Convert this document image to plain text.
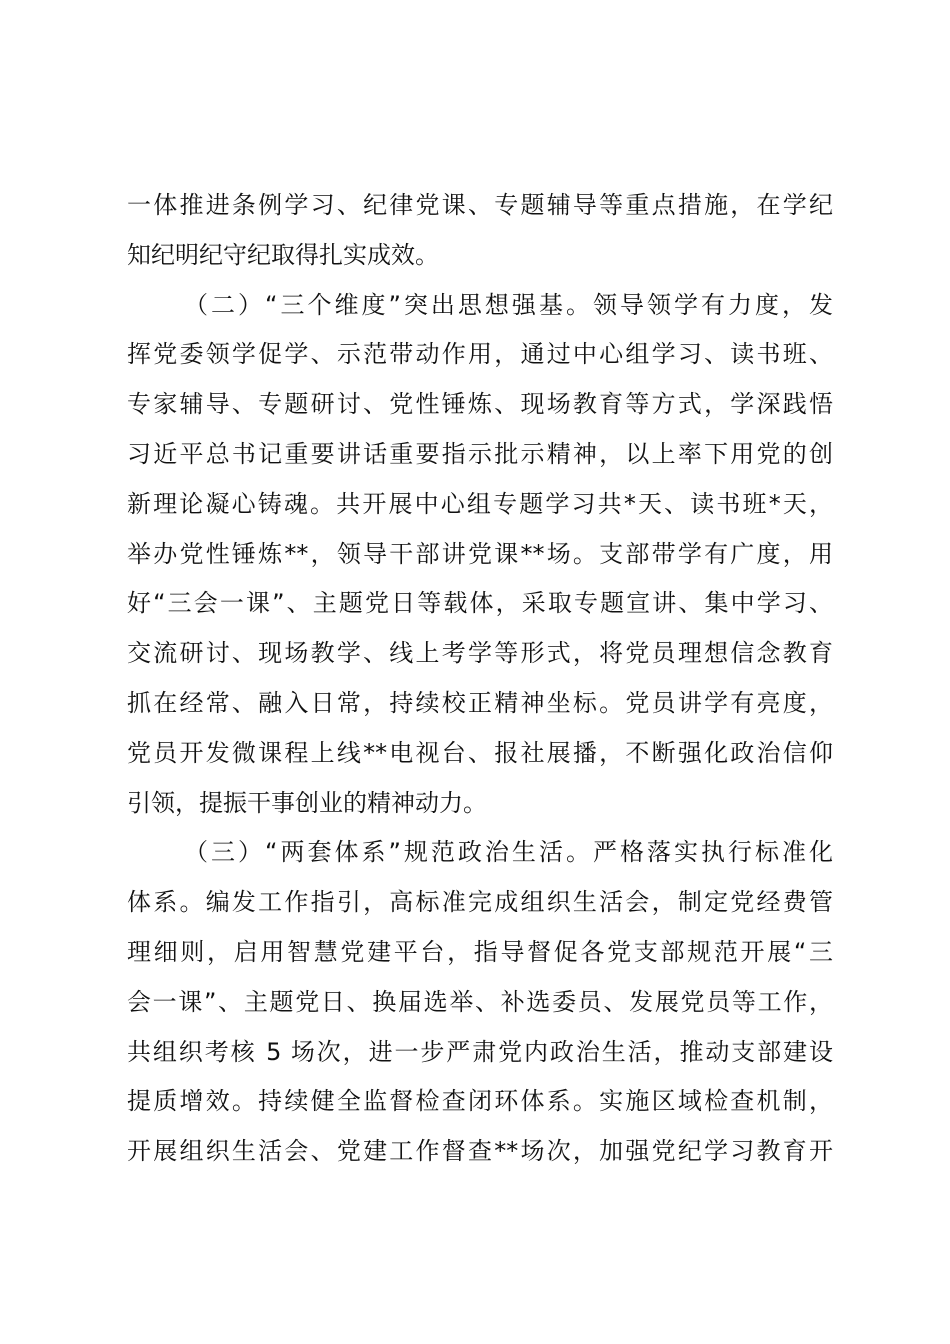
一体推进条例学习、纪律党课、专题辅导等重点措施，在学纪
知纪明纪守纪取得扎实成效。
（二）“三个维度”突出思想强基。领导领学有力度，发
挥党委领学促学、示范带动作用，通过中心组学习、读书班、
专家辅导、专题研讨、党性锤炼、现场教育等方式，学深践悟
习近平总书记重要讲话重要指示批示精神，以上率下用党的创
新理论凝心铸魂。共开展中心组专题学习共*天、读书班*天，
举办党性锤炼**，领导干部讲党课**场。支部带学有广度，用
好“三会一课”、主题党日等载体，采取专题宣讲、集中学习、
交流研讨、现场教学、线上考学等形式，将党员理想信念教育
抓在经常、融入日常，持续校正精神坐标。党员讲学有亮度，
党员开发微课程上线**电视台、报社展播，不断强化政治信仰
引领，提振干事创业的精神动力。
（三）“两套体系”规范政治生活。严格落实执行标准化
体系。编发工作指引，高标准完成组织生活会，制定党经费管
理细则，启用智慧党建平台，指导督促各党支部规范开展“三
会一课”、主题党日、换届选举、补选委员、发展党员等工作，
共组织考核 5 场次，进一步严肃党内政治生活，推动支部建设
提质增效。持续健全监督检查闭环体系。实施区域检查机制，
开展组织生活会、党建工作督查**场次，加强党纪学习教育开
